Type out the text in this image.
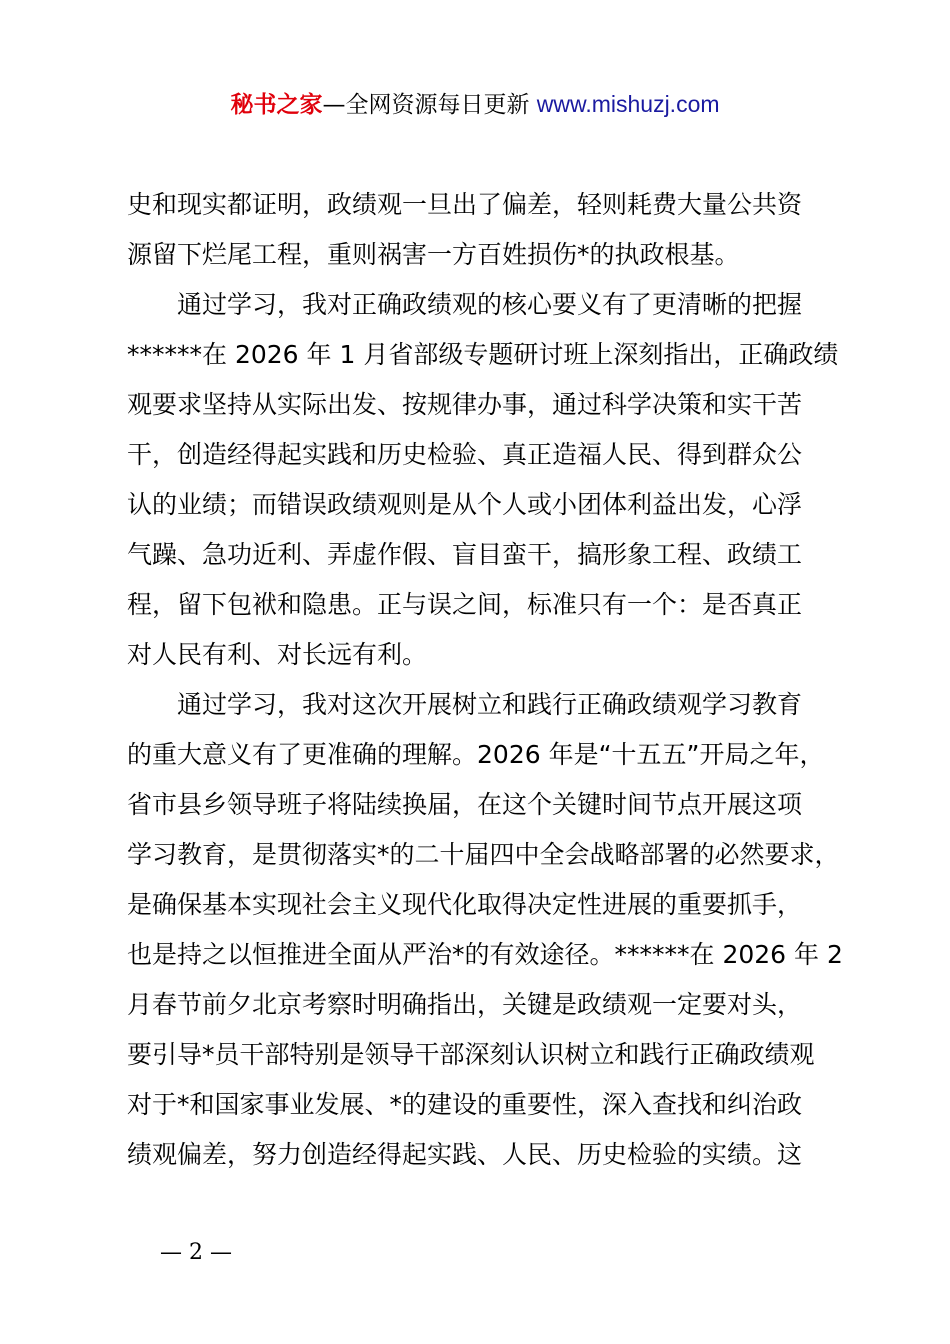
秘书之家—全网资源每日更新 www.mishuzj.com
史和现实都证明，政绩观一旦出了偏差，轻则耗费大量公共资
源留下烂尾工程，重则祸害一方百姓损伤*的执政根基。
通过学习，我对正确政绩观的核心要义有了更清晰的把握
******在 2026 年 1 月省部级专题研讨班上深刻指出，正确政绩
观要求坚持从实际出发、按规律办事，通过科学决策和实干苦
干，创造经得起实践和历史检验、真正造福人民、得到群众公
认的业绩；而错误政绩观则是从个人或小团体利益出发，心浮
气躁、急功近利、弄虚作假、盲目蛮干，搞形象工程、政绩工
程，留下包袱和隐患。正与误之间，标准只有一个：是否真正
对人民有利、对长远有利。
通过学习，我对这次开展树立和践行正确政绩观学习教育
的重大意义有了更准确的理解。2026 年是“十五五”开局之年，
省市县乡领导班子将陆续换届，在这个关键时间节点开展这项
学习教育，是贯彻落实*的二十届四中全会战略部署的必然要求，
是确保基本实现社会主义现代化取得决定性进展的重要抓手，
也是持之以恒推进全面从严治*的有效途径。******在 2026 年 2
月春节前夕北京考察时明确指出，关键是政绩观一定要对头，
要引导*员干部特别是领导干部深刻认识树立和践行正确政绩观
对于*和国家事业发展、*的建设的重要性，深入查找和纠治政
绩观偏差，努力创造经得起实践、人民、历史检验的实绩。这
— 2 —
